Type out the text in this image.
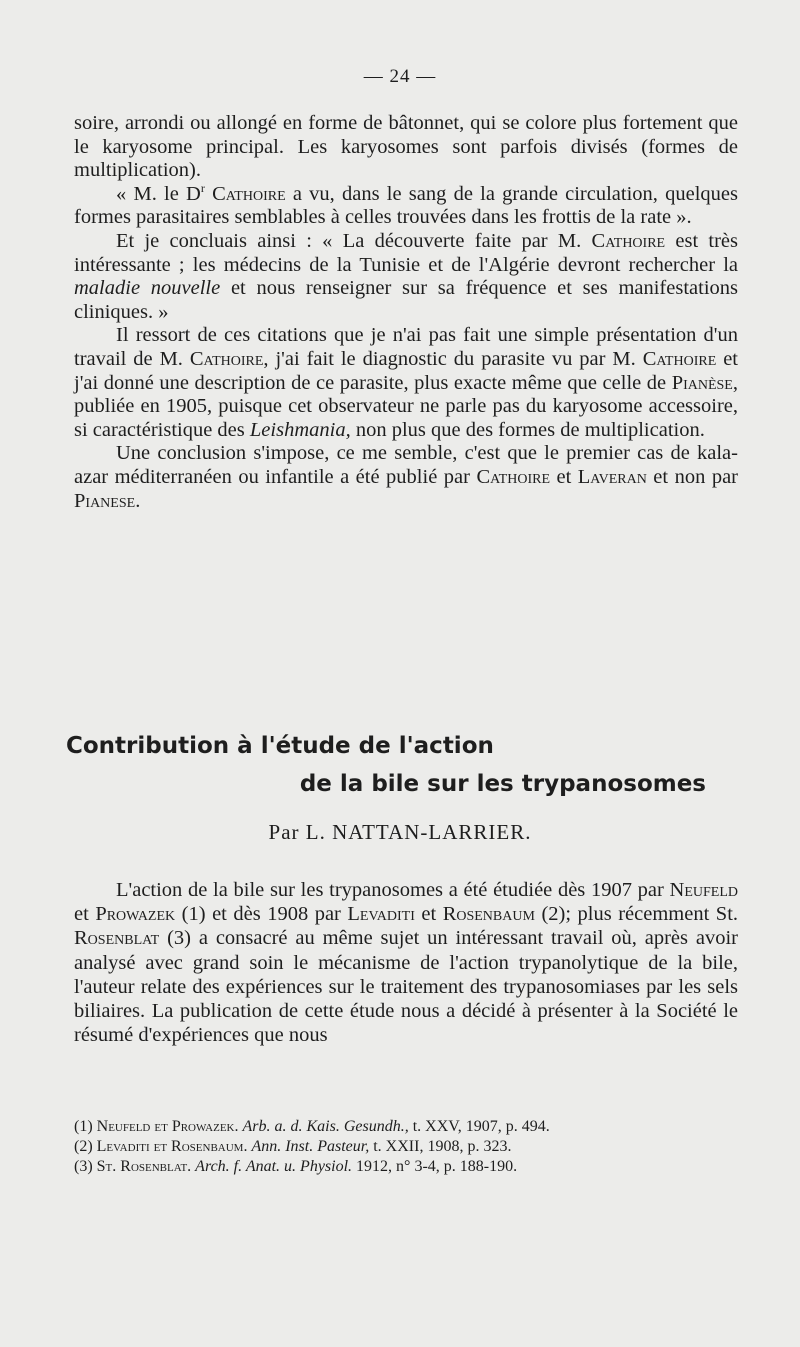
— 24 —

soire, arrondi ou allongé en forme de bâtonnet, qui se colore plus fortement que le karyosome principal. Les karyosomes sont parfois divisés (formes de multiplication).

« M. le $D^r$ Cathoire a vu, dans le sang de la grande circulation, quelques formes parasitaires semblables à celles trouvées dans les frottis de la rate ».

Et je concluais ainsi : « La découverte faite par M. Cathoire est très intéressante ; les médecins de la Tunisie et de l'Algérie devront rechercher la maladie nouvelle et nous renseigner sur sa fréquence et ses manifestations cliniques. »

Il ressort de ces citations que je n'ai pas fait une simple présentation d'un travail de M. Cathoire, j'ai fait le diagnostic du parasite vu par M. Cathoire et j'ai donné une description de ce parasite, plus exacte même que celle de Pianèse, publiée en 1905, puisque cet observateur ne parle pas du karyosome accessoire, si caractéristique des Leishmania, non plus que des formes de multiplication.

Une conclusion s'impose, ce me semble, c'est que le premier cas de kala-azar méditerranéen ou infantile a été publié par Cathoire et Laveran et non par Pianese.

Contribution à l'étude de l'action
de la bile sur les trypanosomes
Par L. NATTAN-LARRIER.

L'action de la bile sur les trypanosomes a été étudiée dès 1907 par Neufeld et Prowazek (1) et dès 1908 par Levaditi et Rosenbaum (2); plus récemment St. Rosenblat (3) a consacré au même sujet un intéressant travail où, après avoir analysé avec grand soin le mécanisme de l'action trypanolytique de la bile, l'auteur relate des expériences sur le traitement des trypanosomiases par les sels biliaires. La publication de cette étude nous a décidé à présenter à la Société le résumé d'expériences que nous

(1) Neufeld et Prowazek. Arb. a. d. Kais. Gesundh., t. XXV, 1907, p. 494.

(2) Levaditi et Rosenbaum. Ann. Inst. Pasteur, t. XXII, 1908, p. 323.

(3) St. Rosenblat. Arch. f. Anat. u. Physiol. 1912, n° 3-4, p. 188-190.
